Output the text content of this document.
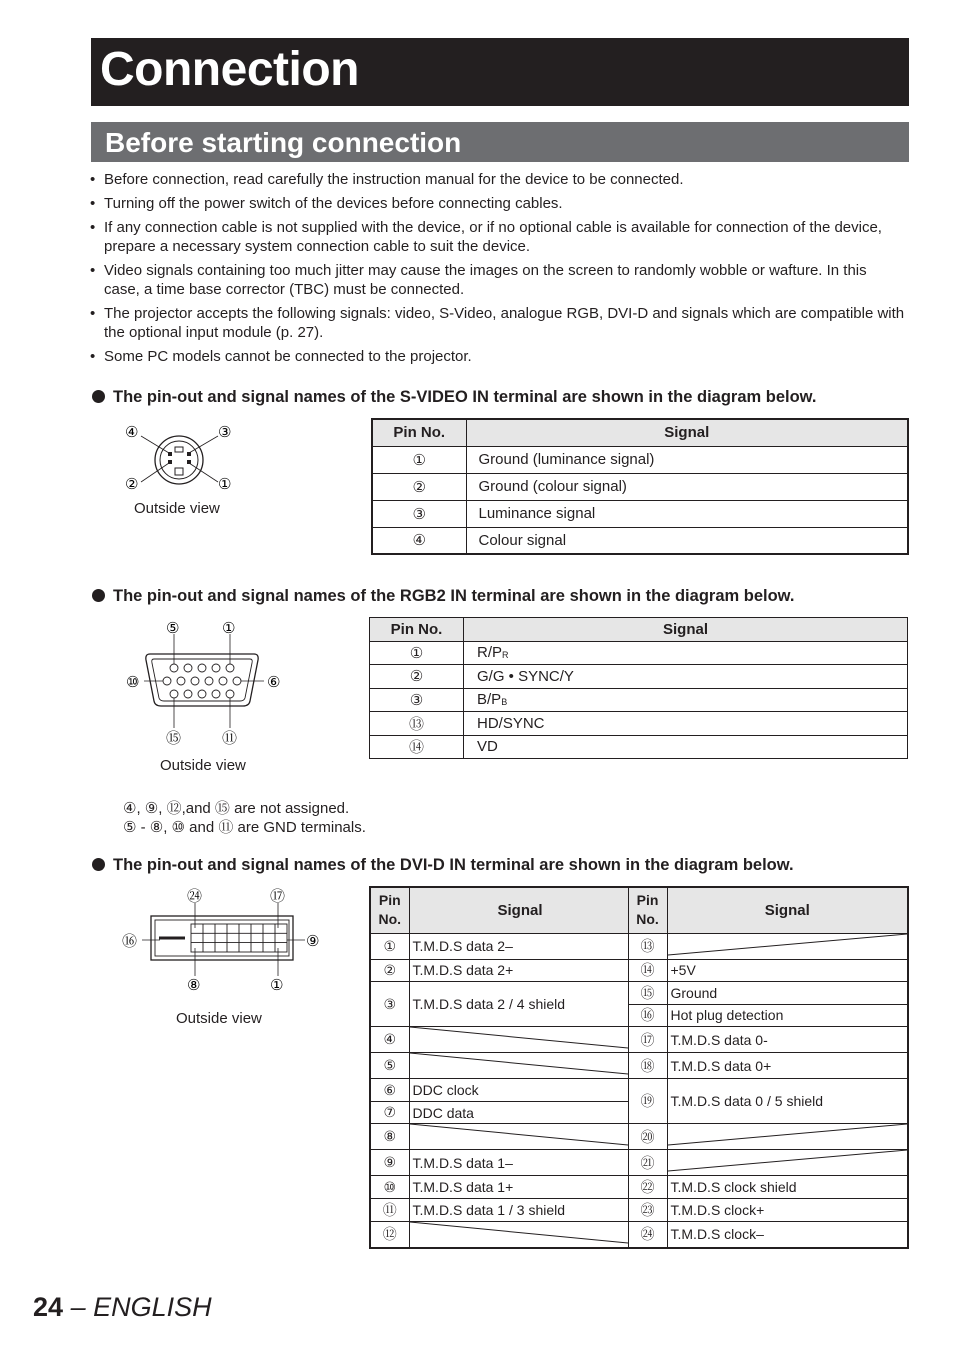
Connection
Before starting connection
• Before connection, read carefully the instruction manual for the device to be connected.
• Turning off the power switch of the devices before connecting cables.
• If any connection cable is not supplied with the device, or if no optional cable is available for connection of the device, prepare a necessary system connection cable to suit the device.
• Video signals containing too much jitter may cause the images on the screen to randomly wobble or wafture. In this case, a time base corrector (TBC) must be connected.
• The projector accepts the following signals: video, S-Video, analogue RGB, DVI-D and signals which are compatible with the optional input module (p. 27).
• Some PC models cannot be connected to the projector.
The pin-out and signal names of the S-VIDEO IN terminal are shown in the diagram below.
④	③
②	①
Outside view
Pin No.	Signal
①	Ground (luminance signal)
②	Ground (colour signal)
③	Luminance signal
④	Colour signal
The pin-out and signal names of the RGB2 IN terminal are shown in the diagram below.
⑤	①
⑩	⑥
⑮	⑪
Outside view
Pin No.	Signal
①	$R/P_R$
②	G/G • SYNC/Y
③	$B/P_B$
⑬	HD/SYNC
⑭	VD
④, ⑨, ⑫,and ⑮ are not assigned.
⑤ - ⑧, ⑩ and ⑪ are GND terminals.
The pin-out and signal names of the DVI-D IN terminal are shown in the diagram below.
㉔	⑰
⑯	⑨
⑧	①
Outside view
Pin
No.	Signal	Pin
No.	Signal
①	T.M.D.S data 2–	⑬	
②	T.M.D.S data 2+	⑭	+5V
③	T.M.D.S data 2 / 4 shield	⑮	Ground
		⑯	Hot plug detection
④		⑰	T.M.D.S data 0-
⑤		⑱	T.M.D.S data 0+
⑥	DDC clock	⑲	T.M.D.S data 0 / 5 shield
⑦	DDC data		
⑧		⑳	
⑨	T.M.D.S data 1–	㉑	
⑩	T.M.D.S data 1+	㉒	T.M.D.S clock shield
⑪	T.M.D.S data 1 / 3 shield	㉓	T.M.D.S clock+
⑫		㉔	T.M.D.S clock–
24 – ENGLISH
